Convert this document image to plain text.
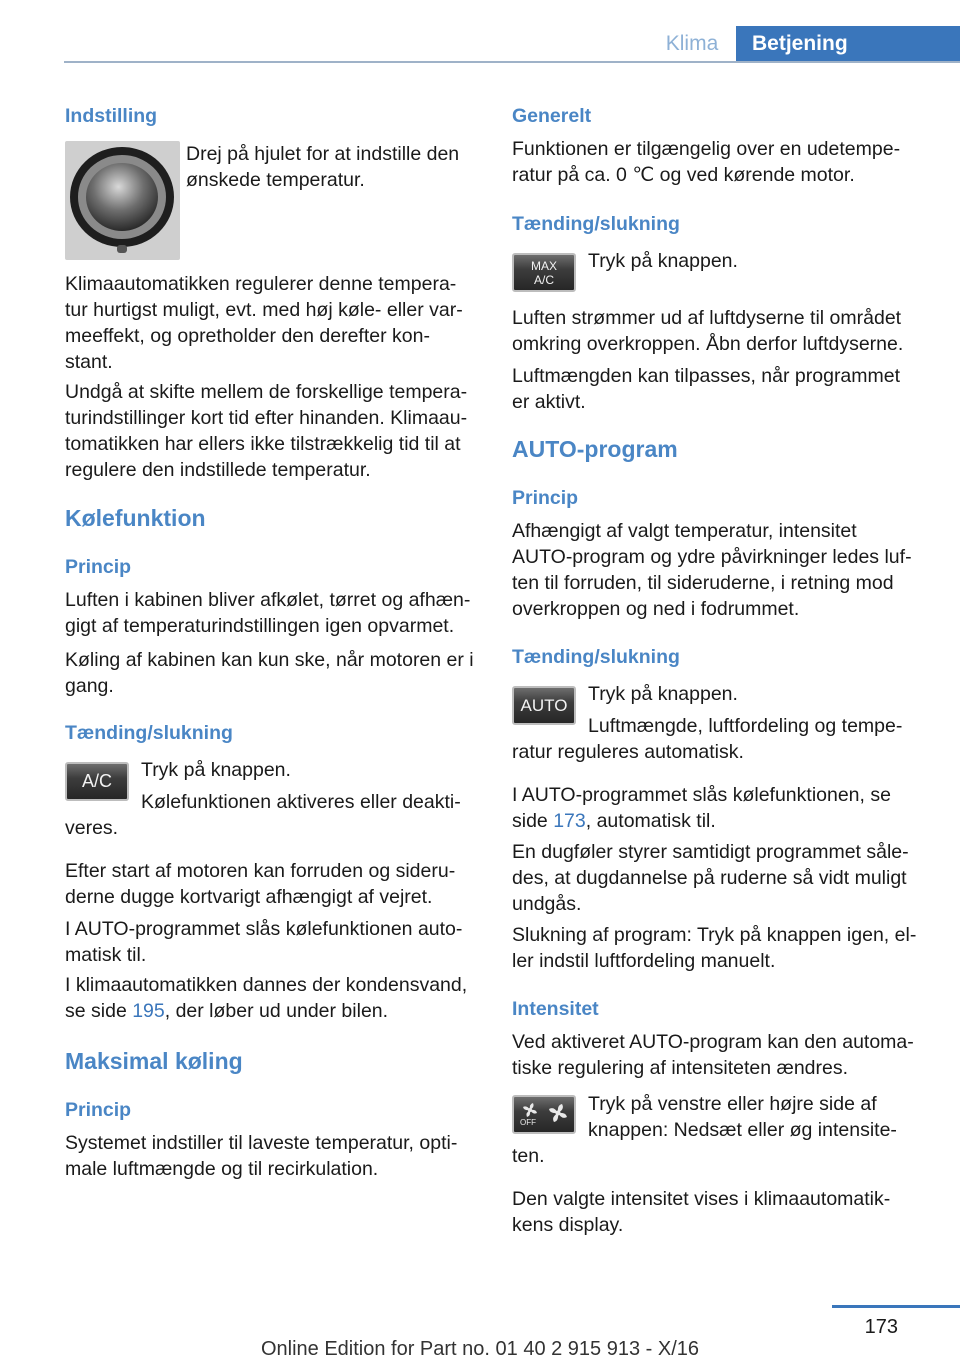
Klima	Betjening
Indstilling
Drej på hjulet for at indstille den
ønskede temperatur.
Klimaautomatikken regulerer denne tempera-
tur hurtigst muligt, evt. med høj køle- eller var-
meeffekt, og opretholder den derefter kon-
stant.
Undgå at skifte mellem de forskellige tempera-
turindstillinger kort tid efter hinanden. Klimaau-
tomatikken har ellers ikke tilstrækkelig tid til at
regulere den indstillede temperatur.
Kølefunktion
Princip
Luften i kabinen bliver afkølet, tørret og afhæn-
gigt af temperaturindstillingen igen opvarmet.
Køling af kabinen kan kun ske, når motoren er i
gang.
Tænding/slukning
A/C	Tryk på knappen.
Kølefunktionen aktiveres eller deakti-
veres.
Efter start af motoren kan forruden og sideru-
derne dugge kortvarigt afhængigt af vejret.
I AUTO-programmet slås kølefunktionen auto-
matisk til.
I klimaautomatikken dannes der kondensvand,
se side 195, der løber ud under bilen.
Maksimal køling
Princip
Systemet indstiller til laveste temperatur, opti-
male luftmængde og til recirkulation.
Generelt
Funktionen er tilgængelig over en udetempe-
ratur på ca. 0 ℃ og ved kørende motor.
Tænding/slukning
MAX
A/C
Tryk på knappen.
Luften strømmer ud af luftdyserne til området
omkring overkroppen. Åbn derfor luftdyserne.
Luftmængden kan tilpasses, når programmet
er aktivt.
AUTO-program
Princip
Afhængigt af valgt temperatur, intensitet
AUTO-program og ydre påvirkninger ledes luf-
ten til forruden, til sideruderne, i retning mod
overkroppen og ned i fodrummet.
Tænding/slukning
AUTO
Tryk på knappen.
Luftmængde, luftfordeling og tempe-
ratur reguleres automatisk.
I AUTO-programmet slås kølefunktionen, se
side 173, automatisk til.
En dugføler styrer samtidigt programmet såle-
des, at dugdannelse på ruderne så vidt muligt
undgås.
Slukning af program: Tryk på knappen igen, el-
ler indstil luftfordeling manuelt.
Intensitet
Ved aktiveret AUTO-program kan den automa-
tiske regulering af intensiteten ændres.
OFF
Tryk på venstre eller højre side af
knappen: Nedsæt eller øg intensite-
ten.
Den valgte intensitet vises i klimaautomatik-
kens display.
173
Online Edition for Part no. 01 40 2 915 913 - X/16
